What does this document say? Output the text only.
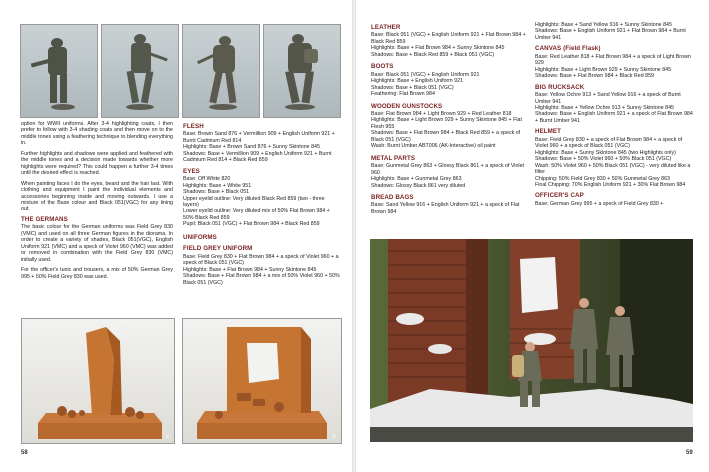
option for WWII uniforms. After 3-4 highlighting coats, I then prefer to follow with 3-4 shading coats and then move on to the middle tones using a feathering technique to blending everything in.

Further highlights and shadows were applied and feathered with the middle tones and a decision made towards whether more highlights were required? This could happen a further 3-4 times until the desired effect is reached.

When painting faces I do the eyes, beard and the hair last. With clothing and equipment I paint the individual elements and accessories beginning inside and moving outwards. I use a mixture of the Base colour and Black 051(VGC) for any lining out.

THE GERMANS

The basic colour for the German uniforms was Field Grey 830 (VMC) and used on all three German figures in the diorama. In order to create a variety of shades, Black 051(VGC), English Uniform 921 (VMC) and a speck of Violet 960 (VMC) was added or removed in combination with the Field Grey 830 (VMC) initially used.

For the officer's tunic and trousers, a mix of 50% German Grey 995 + 50% Field Grey 830 was used.

FLESH
Base: Brown Sand 876 + Vermillion 909 + English Uniform 921 + Burnt Cadmium Red 814
Highlights: Base + Brown Sand 876 + Sunny Skintone 845
Shadows: Base + Vermillion 909 + English Uniform 921 + Burnt Cadmium Red 814 + Black Red 859
EYES
Base: Off White 820
Highlights: Base + White 951
Shadows: Base + Black 051
Upper eyelid outline: Very diluted Black Red 859 (two - three layers)
Lower eyelid outline: Very diluted mix of 50% Flat Brown 984 + 50% Black Red 859
Pupil: Black 051 (VGC) + Flat Brown 984 + Black Red 859
UNIFORMS
FIELD GREY UNIFORM
Base: Field Grey 830 + Flat Brown 984 + a speck of Violet 960 + a speck of Black 051 (VGC)
Highlights: Base + Flat Brown 984 + Sunny Skintone 845
Shadows: Base + Flat Brown 984 + a mix of 50% Violet 960 + 50% Black 051 (VGC)
a	b
58
LEATHER
Base: Black 051 (VGC) + English Uniform 921 + Flat Brown 984 + Black Red 859
Highlights: Base + Flat Brown 984 + Sunny Skintone 845
Shadows: Base + Black Red 859 + Black 051 (VGC)
BOOTS
Base: Black 051 (VGC) + English Uniform 921
Highlights: Base + English Uniform 921
Shadows: Base + Black 051 (VGC)
Feathering: Flat Brown 984
WOODEN GUNSTOCKS
Base: Flat Brown 984 + Light Brown 929 + Red Leather 818
Highlights: Base + Light Brown 929 + Sunny Skintone 845 + Flat Flesh 955
Shadows: Base + Flat Brown 984 + Black Red 859 + a speck of Black 051 (VGC)
Wash: Burnt Umber ABT006 (AK-Interactive) oil paint
METAL PARTS
Base: Gunmetal Grey 863 + Glossy Black 861 + a speck of Violet 960
Highlights: Base + Gunmetal Grey 863
Shadows: Glossy Black 861 very diluted
BREAD BAGS
Base: Sand Yellow 916 + English Uniform 921 + a speck of Flat Brown 984
Highlights: Base + Sand Yellow 916 + Sunny Skintone 845
Shadows: Base + English Uniform 921 + Flat Brown 984 + Burnt Umber 941
CANVAS (Field Flask)
Base: Red Leather 818 + Flat Brown 984 + a speck of Light Brown 929
Highlights: Base + Light Brown 929 + Sunny Skintone 845
Shadows: Base + Flat Brown 984 + Black Red 859
BIG RUCKSACK
Base: Yellow Ochre 913 + Sand Yellow 916 + a speck of Burnt Umber 941
Highlights: Base + Yellow Ochre 913 + Sunny Skintone 845
Shadows: Base + English Uniform 921 + a speck of Flat Brown 984 + Burnt Umber 941
HELMET
Base: Field Grey 830 + a speck of Flat Brown 984 + a speck of Violet 960 + a speck of Black 051 (VGC)
Highlights: Base + Sunny Skintone 845 (two Highlights only)
Shadows: Base + 50% Violet 960 + 50% Black 051 (VGC)
Wash: 50% Violet 960 + 50% Black 051 (VGC) - very diluted like a filter
Chipping: 50% Field Grey 830 + 50% Gunmetal Grey 863
Final Chipping: 70% English Uniform 921 + 30% Flat Brown 984
OFFICER'S CAP
Base: German Grey 995 + a speck of Field Grey 830 +
59
